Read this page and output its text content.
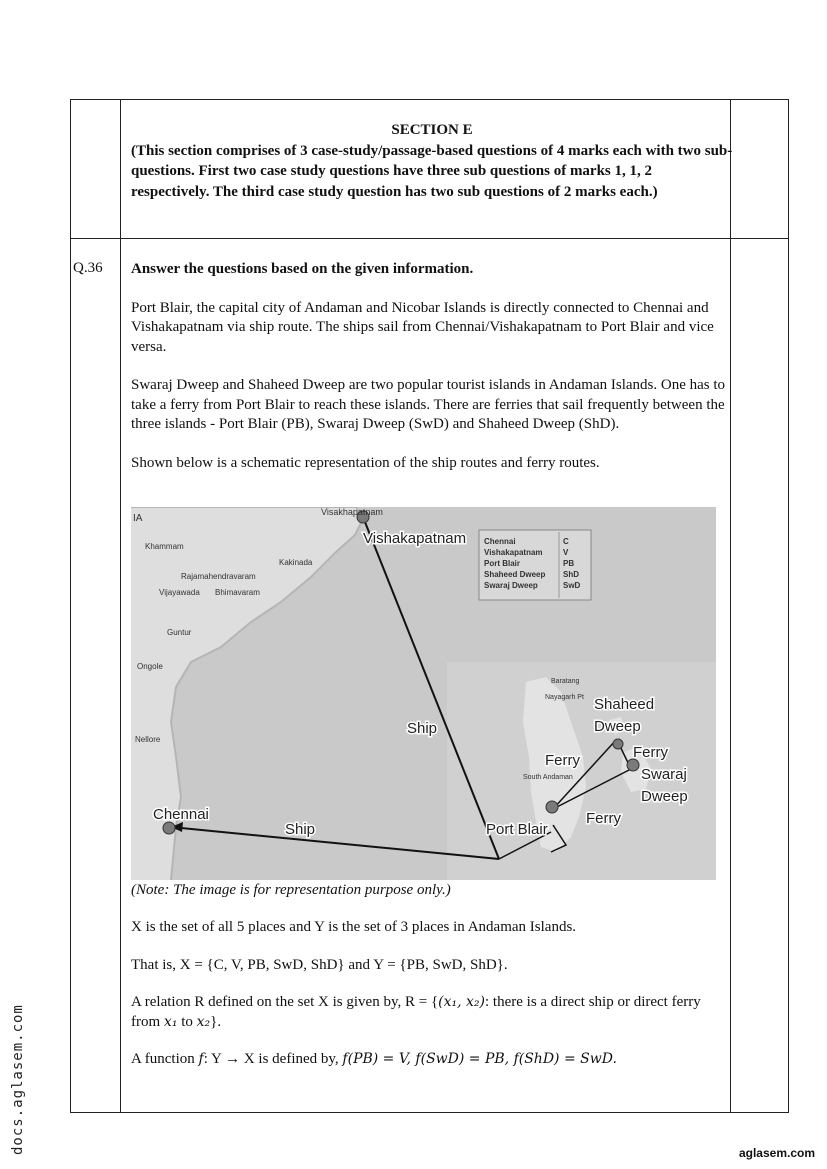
SECTION E
(This section comprises of 3 case-study/passage-based questions of 4 marks each with two sub-questions. First two case study questions have three sub questions of marks 1, 1, 2 respectively. The third case study question has two sub questions of 2 marks each.)
Q.36 Answer the questions based on the given information.

Port Blair, the capital city of Andaman and Nicobar Islands is directly connected to Chennai and Vishakapatnam via ship route. The ships sail from Chennai/Vishakapatnam to Port Blair and vice versa.

Swaraj Dweep and Shaheed Dweep are two popular tourist islands in Andaman Islands. One has to take a ferry from Port Blair to reach these islands. There are ferries that sail frequently between the three islands - Port Blair (PB), Swaraj Dweep (SwD) and Shaheed Dweep (ShD).

Shown below is a schematic representation of the ship routes and ferry routes.

IA
Visakhapatnam
Khammam
Kakinada
Rajamahendravaram
Vijayawada Bhimavaram
Guntur
Ongole
Nellore
Baratang
Nayagarh Pt
South Andaman
Vishakapatnam
Chennai
Ship
Ship
Ferry
Ferry
Ferry
Shaheed
Dweep
Swaraj
Dweep
Port Blair
Chennai	C
Vishakapatnam	V
Port Blair	PB
Shaheed Dweep ShD
Swaraj Dweep	SwD
(Note: The image is for representation purpose only.)

X is the set of all 5 places and Y is the set of 3 places in Andaman Islands.

That is, X = {C, V, PB, SwD, ShD} and Y = {PB, SwD, ShD}.

A relation R defined on the set X is given by, R = {(x₁, x₂): there is a direct ship or direct ferry from x₁ to x₂}.

A function f: Y → X is defined by, f(PB) = V, f(SwD) = PB, f(ShD) = SwD.

docs.aglasem.com	aglasem.com
